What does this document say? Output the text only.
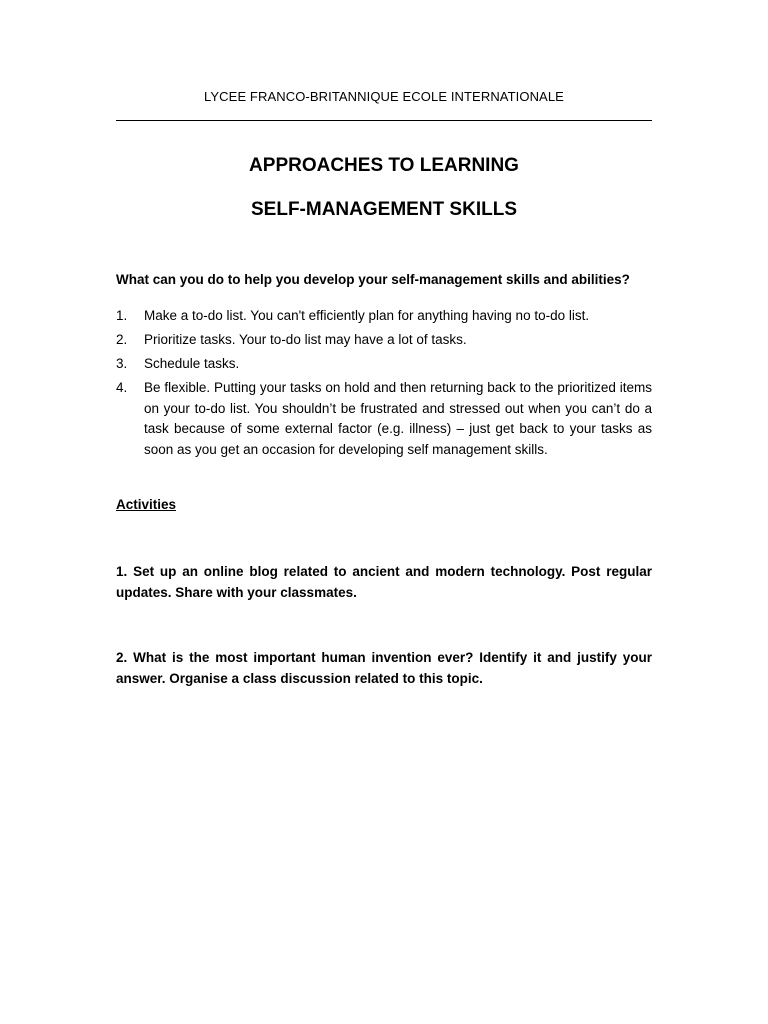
LYCEE FRANCO-BRITANNIQUE ECOLE INTERNATIONALE
APPROACHES TO LEARNING
SELF-MANAGEMENT SKILLS
What can you do to help you develop your self-management skills and abilities?
1. Make a to-do list. You can't efficiently plan for anything having no to-do list.
2. Prioritize tasks. Your to-do list may have a lot of tasks.
3. Schedule tasks.
4. Be flexible. Putting your tasks on hold and then returning back to the prioritized items on your to-do list. You shouldn’t be frustrated and stressed out when you can’t do a task because of some external factor (e.g. illness) – just get back to your tasks as soon as you get an occasion for developing self management skills.
Activities
1. Set up an online blog related to ancient and modern technology. Post regular updates. Share with your classmates.
2. What is the most important human invention ever? Identify it and justify your answer. Organise a class discussion related to this topic.
